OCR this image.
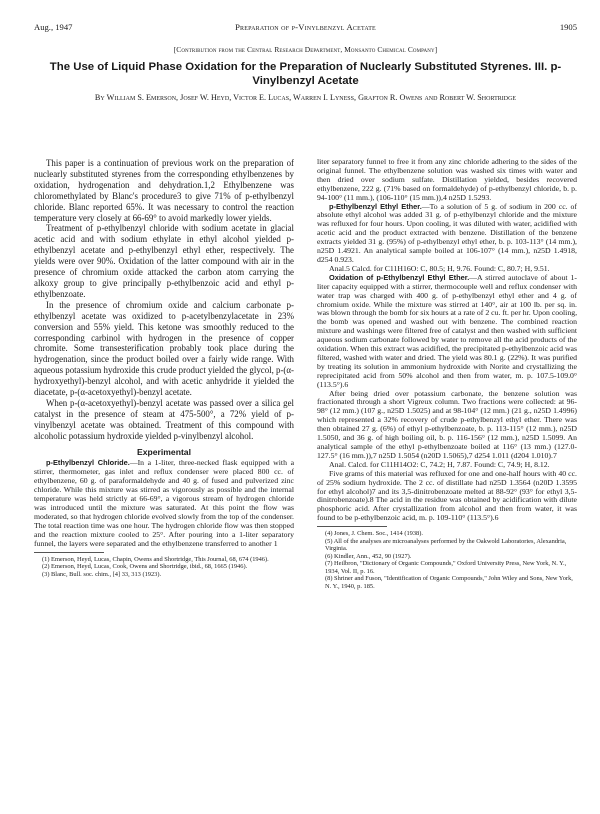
Aug., 1947	Preparation of p-Vinylbenzyl Acetate	1905
[Contribution from the Central Research Department, Monsanto Chemical Company]
The Use of Liquid Phase Oxidation for the Preparation of Nuclearly Substituted Styrenes. III. p-Vinylbenzyl Acetate
By William S. Emerson, Josef W. Heyd, Victor E. Lucas, Warren I. Lyness, Grafton R. Owens and Robert W. Shortridge

This paper is a continuation of previous work on the preparation of nuclearly substituted styrenes from the corresponding ethylbenzenes by oxidation, hydrogenation and dehydration.1,2 Ethylbenzene was chloromethylated by Blanc's procedure3 to give 71% of p-ethylbenzyl chloride. Blanc reported 65%. It was necessary to control the reaction temperature very closely at 66-69° to avoid markedly lower yields.

Treatment of p-ethylbenzyl chloride with sodium acetate in glacial acetic acid and with sodium ethylate in ethyl alcohol yielded p-ethylbenzyl acetate and p-ethylbenzyl ethyl ether, respectively. The yields were over 90%. Oxidation of the latter compound with air in the presence of chromium oxide attacked the carbon atom carrying the alkoxy group to give principally p-ethylbenzoic acid and ethyl p-ethylbenzoate.

In the presence of chromium oxide and calcium carbonate p-ethylbenzyl acetate was oxidized to p-acetylbenzylacetate in 23% conversion and 55% yield. This ketone was smoothly reduced to the corresponding carbinol with hydrogen in the presence of copper chromite. Some transesterification probably took place during the hydrogenation, since the product boiled over a fairly wide range. With aqueous potassium hydroxide this crude product yielded the glycol, p-(α-hydroxyethyl)-benzyl alcohol, and with acetic anhydride it yielded the diacetate, p-(α-acetoxyethyl)-benzyl acetate.

When p-(α-acetoxyethyl)-benzyl acetate was passed over a silica gel catalyst in the presence of steam at 475-500°, a 72% yield of p-vinylbenzyl acetate was obtained. Treatment of this compound with alcoholic potassium hydroxide yielded p-vinylbenzyl alcohol.

Experimental

p-Ethylbenzyl Chloride.—In a 1-liter, three-necked flask equipped with a stirrer, thermometer, gas inlet and reflux condenser were placed 800 cc. of ethylbenzene, 60 g. of paraformaldehyde and 40 g. of fused and pulverized zinc chloride. While this mixture was stirred as vigorously as possible and the internal temperature was held strictly at 66-69°, a vigorous stream of hydrogen chloride was introduced until the mixture was saturated. At this point the flow was moderated, so that hydrogen chloride evolved slowly from the top of the condenser. The total reaction time was one hour. The hydrogen chloride flow was then stopped and the reaction mixture cooled to 25°. After pouring into a 1-liter separatory funnel, the layers were separated and the ethylbenzene transferred to another 1

(1) Emerson, Heyd, Lucas, Chapin, Owens and Shortridge, This Journal, 68, 674 (1946).
(2) Emerson, Heyd, Lucas, Cook, Owens and Shortridge, ibid., 68, 1665 (1946).
(3) Blanc, Bull. soc. chim., [4] 33, 313 (1923).

liter separatory funnel to free it from any zinc chloride adhering to the sides of the original funnel. The ethylbenzene solution was washed six times with water and then dried over sodium sulfate. Distillation yielded, besides recovered ethylbenzene, 222 g. (71% based on formaldehyde) of p-ethylbenzyl chloride, b. p. 94-100° (11 mm.), (106-110° (15 mm.)),4 n25D 1.5293.

p-Ethylbenzyl Ethyl Ether.—To a solution of 5 g. of sodium in 200 cc. of absolute ethyl alcohol was added 31 g. of p-ethylbenzyl chloride and the mixture was refluxed for four hours. Upon cooling, it was diluted with water, acidified with acetic acid and the product extracted with benzene. Distillation of the benzene extracts yielded 31 g. (95%) of p-ethylbenzyl ethyl ether, b. p. 103-113° (14 mm.), n25D 1.4921. An analytical sample boiled at 106-107° (14 mm.), n25D 1.4918, d254 0.923.

Anal.5 Calcd. for C11H16O: C, 80.5; H, 9.76. Found: C, 80.7; H, 9.51.

Oxidation of p-Ethylbenzyl Ethyl Ether.—A stirred autoclave of about 1-liter capacity equipped with a stirrer, thermocouple well and reflux condenser with water trap was charged with 400 g. of p-ethylbenzyl ethyl ether and 4 g. of chromium oxide. While the mixture was stirred at 140°, air at 100 lb. per sq. in. was blown through the bomb for six hours at a rate of 2 cu. ft. per hr. Upon cooling, the bomb was opened and washed out with benzene. The combined reaction mixture and washings were filtered free of catalyst and then washed with sufficient aqueous sodium carbonate followed by water to remove all the acid products of the oxidation. When this extract was acidified, the precipitated p-ethylbenzoic acid was filtered, washed with water and dried. The yield was 80.1 g. (22%). It was purified by treating its solution in ammonium hydroxide with Norite and crystallizing the reprecipitated acid from 50% alcohol and then from water, m. p. 107.5-109.0° (113.5°).6

After being dried over potassium carbonate, the benzene solution was fractionated through a short Vigreux column. Two fractions were collected: at 96-98° (12 mm.) (107 g., n25D 1.5025) and at 98-104° (12 mm.) (21 g., n25D 1.4996) which represented a 32% recovery of crude p-ethylbenzyl ethyl ether. There was then obtained 27 g. (6%) of ethyl p-ethylbenzoate, b. p. 113-115° (12 mm.), n25D 1.5050, and 36 g. of high boiling oil, b. p. 116-156° (12 mm.), n25D 1.5099. An analytical sample of the ethyl p-ethylbenzoate boiled at 116° (13 mm.) (127.0-127.5° (16 mm.)),7 n25D 1.5054 (n20D 1.5065),7 d254 1.011 (d204 1.010).7

Anal. Calcd. for C11H14O2: C, 74.2; H, 7.87. Found: C, 74.9; H, 8.12.

Five grams of this material was refluxed for one and one-half hours with 40 cc. of 25% sodium hydroxide. The 2 cc. of distillate had n25D 1.3564 (n20D 1.3595 for ethyl alcohol)7 and its 3,5-dinitrobenzoate melted at 88-92° (93° for ethyl 3,5-dinitrobenzoate).8 The acid in the residue was obtained by acidification with dilute phosphoric acid. After crystallization from alcohol and then from water, it was found to be p-ethylbenzoic acid, m. p. 109-110° (113.5°).6

(4) Jones, J. Chem. Soc., 1414 (1938).
(5) All of the analyses are microanalyses performed by the Oakwold Laboratories, Alexandria, Virginia.
(6) Kindler, Ann., 452, 90 (1927).
(7) Heilbron, "Dictionary of Organic Compounds," Oxford University Press, New York, N. Y., 1934, Vol. II, p. 16.
(8) Shriner and Fuson, "Identification of Organic Compounds," John Wiley and Sons, New York, N. Y., 1940, p. 185.
